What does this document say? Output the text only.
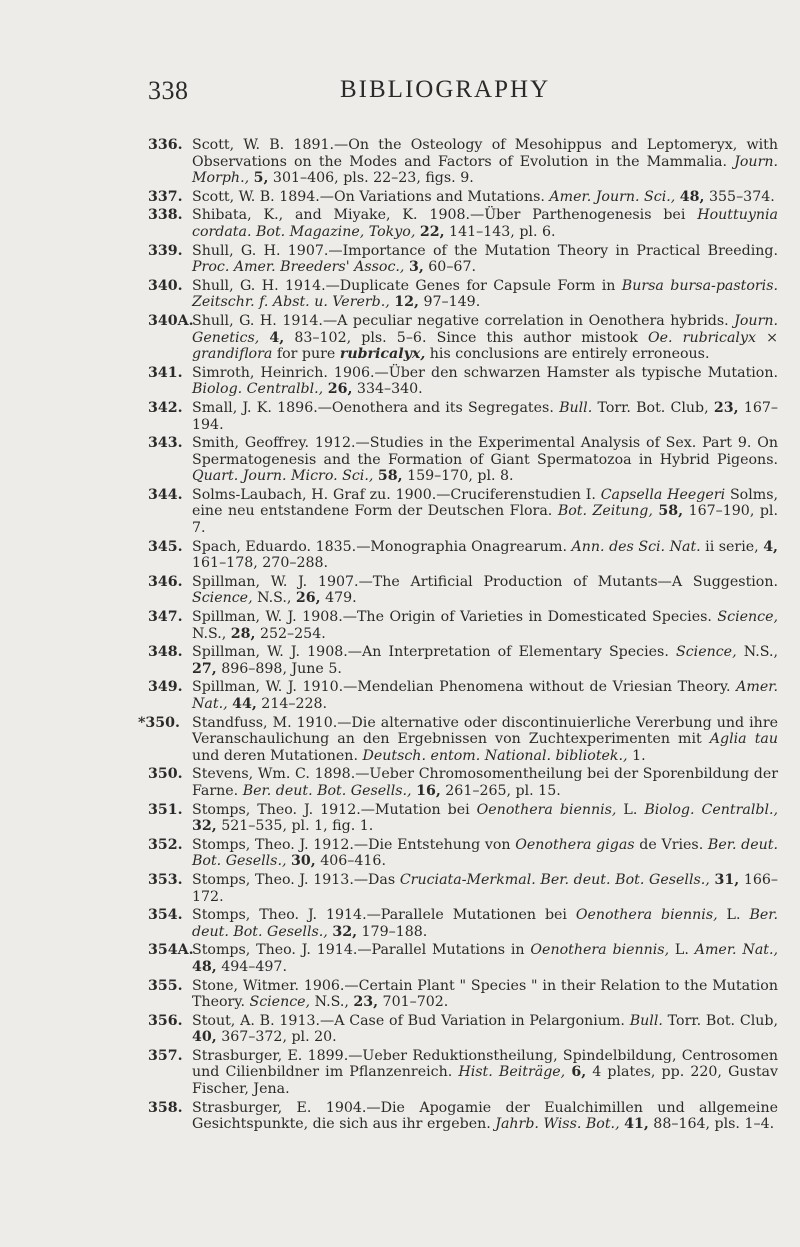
338	BIBLIOGRAPHY
336. Scott, W. B. 1891.—On the Osteology of Mesohippus and Leptomeryx, with Observations on the Modes and Factors of Evolution in the Mammalia. Journ. Morph., 5, 301–406, pls. 22–23, figs. 9.
337. Scott, W. B. 1894.—On Variations and Mutations. Amer. Journ. Sci., 48, 355–374.
338. Shibata, K., and Miyake, K. 1908.—Über Parthenogenesis bei Houttuynia cordata. Bot. Magazine, Tokyo, 22, 141–143, pl. 6.
339. Shull, G. H. 1907.—Importance of the Mutation Theory in Practical Breeding. Proc. Amer. Breeders' Assoc., 3, 60–67.
340. Shull, G. H. 1914.—Duplicate Genes for Capsule Form in Bursa bursa-pastoris. Zeitschr. f. Abst. u. Vererb., 12, 97–149.
340A.
Shull, G. H. 1914.—A peculiar negative correlation in Oenothera hybrids. Journ. Genetics, 4, 83–102, pls. 5–6. Since this author mistook Oe. rubricalyx × grandiflora for pure rubricalyx, his conclusions are entirely erroneous.
341. Simroth, Heinrich. 1906.—Über den schwarzen Hamster als typische Mutation. Biolog. Centralbl., 26, 334–340.
342. Small, J. K. 1896.—Oenothera and its Segregates. Bull. Torr. Bot. Club, 23, 167–194.
343. Smith, Geoffrey. 1912.—Studies in the Experimental Analysis of Sex. Part 9. On Spermatogenesis and the Formation of Giant Spermatozoa in Hybrid Pigeons. Quart. Journ. Micro. Sci., 58, 159–170, pl. 8.
344. Solms-Laubach, H. Graf zu. 1900.—Cruciferenstudien I. Capsella Heegeri Solms, eine neu entstandene Form der Deutschen Flora. Bot. Zeitung, 58, 167–190, pl. 7.
345. Spach, Eduardo. 1835.—Monographia Onagrearum. Ann. des Sci. Nat. ii serie, 4, 161–178, 270–288.
346. Spillman, W. J. 1907.—The Artificial Production of Mutants—A Suggestion. Science, N.S., 26, 479.
347. Spillman, W. J. 1908.—The Origin of Varieties in Domesticated Species. Science, N.S., 28, 252–254.
348. Spillman, W. J. 1908.—An Interpretation of Elementary Species. Science, N.S., 27, 896–898, June 5.
349. Spillman, W. J. 1910.—Mendelian Phenomena without de Vriesian Theory. Amer. Nat., 44, 214–228.
*350. Standfuss, M. 1910.—Die alternative oder discontinuierliche Vererbung und ihre Veranschaulichung an den Ergebnissen von Zuchtexperimenten mit Aglia tau und deren Mutationen. Deutsch. entom. National. bibliotek., 1.
350. Stevens, Wm. C. 1898.—Ueber Chromosomentheilung bei der Sporenbildung der Farne. Ber. deut. Bot. Gesells., 16, 261–265, pl. 15.
351. Stomps, Theo. J. 1912.—Mutation bei Oenothera biennis, L. Biolog. Centralbl., 32, 521–535, pl. 1, fig. 1.
352. Stomps, Theo. J. 1912.—Die Entstehung von Oenothera gigas de Vries. Ber. deut. Bot. Gesells., 30, 406–416.
353. Stomps, Theo. J. 1913.—Das Cruciata-Merkmal. Ber. deut. Bot. Gesells., 31, 166–172.
354. Stomps, Theo. J. 1914.—Parallele Mutationen bei Oenothera biennis, L. Ber. deut. Bot. Gesells., 32, 179–188.
354A.
Stomps, Theo. J. 1914.—Parallel Mutations in Oenothera biennis, L. Amer. Nat., 48, 494–497.
355. Stone, Witmer. 1906.—Certain Plant " Species " in their Relation to the Mutation Theory. Science, N.S., 23, 701–702.
356. Stout, A. B. 1913.—A Case of Bud Variation in Pelargonium. Bull. Torr. Bot. Club, 40, 367–372, pl. 20.
357. Strasburger, E. 1899.—Ueber Reduktionstheilung, Spindelbildung, Centrosomen und Cilienbildner im Pflanzenreich. Hist. Beiträge, 6, 4 plates, pp. 220, Gustav Fischer, Jena.
358. Strasburger, E. 1904.—Die Apogamie der Eualchimillen und allgemeine Gesichtspunkte, die sich aus ihr ergeben. Jahrb. Wiss. Bot., 41, 88–164, pls. 1–4.
